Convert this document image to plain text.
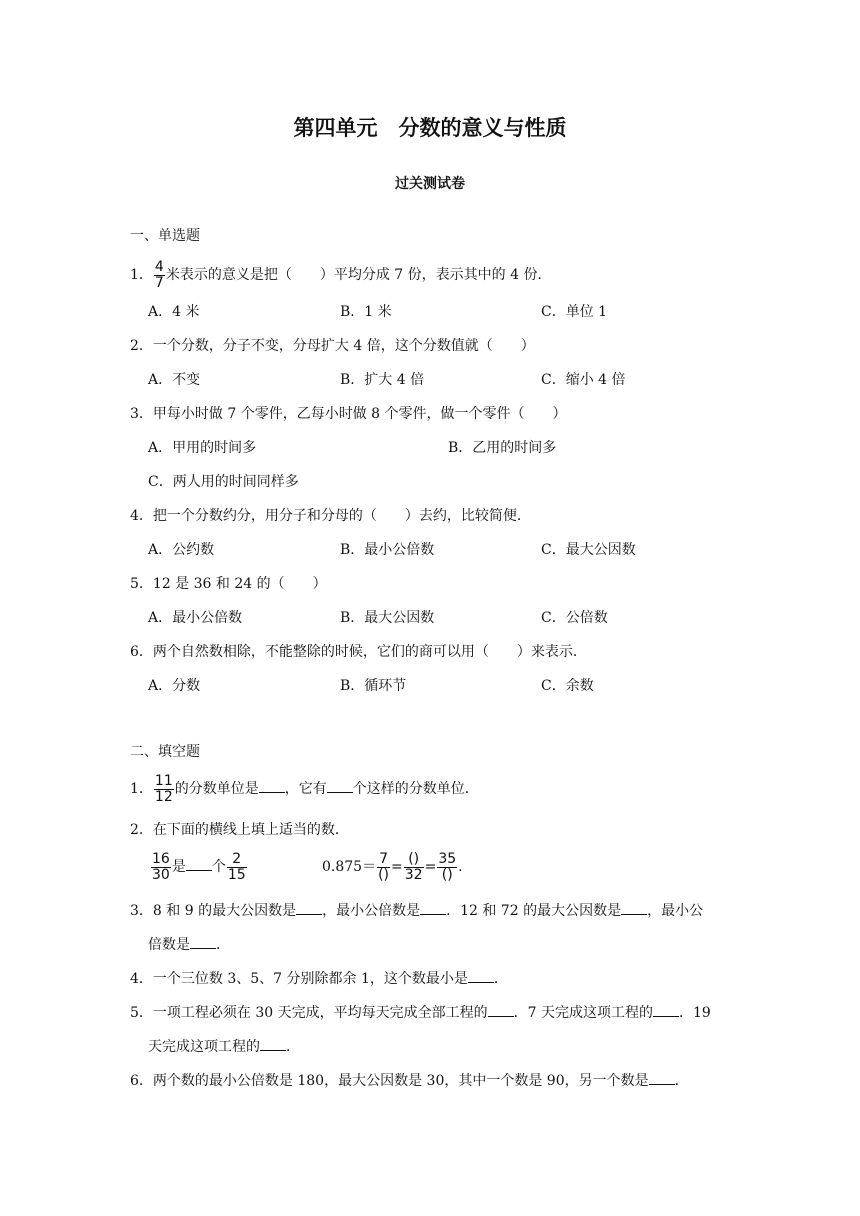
第四单元　分数的意义与性质
过关测试卷
一、单选题
1． $\frac{4}{7}$ 米表示的意义是把（　　）平均分成 7 份，表示其中的 4 份．
A．4 米	B．1 米	C．单位 1
2．一个分数，分子不变，分母扩大 4 倍，这个分数值就（　　）
A．不变	B．扩大 4 倍	C．缩小 4 倍
3．甲每小时做 7 个零件，乙每小时做 8 个零件，做一个零件（　　）
A．甲用的时间多	B．乙用的时间多
C．两人用的时间同样多
4．把一个分数约分，用分子和分母的（　　）去约，比较简便．
A．公约数	B．最小公倍数	C．最大公因数
5．12 是 36 和 24 的（　　）
A．最小公倍数	B．最大公因数	C．公倍数
6．两个自然数相除，不能整除的时候，它们的商可以用（　　）来表示．
A．分数	B．循环节	C．余数
二、填空题
1． $\frac{11}{12}$ 的分数单位是 ，它有 个这样的分数单位．
2．在下面的横线上填上适当的数．
$\frac{16}{30}$ 是 个 $\frac{2}{15}$	$0.875= \frac{7}{()} = \frac{()}{32} = \frac{35}{()}$ .
3．8 和 9 的最大公因数是 ，最小公倍数是 ．12 和 72 的最大公因数是 ，最小公
倍数是 ．
4．一个三位数 3、5、7 分别除都余 1，这个数最小是 ．
5．一项工程必须在 30 天完成，平均每天完成全部工程的 ．7 天完成这项工程的 ．19
天完成这项工程的 ．
6．两个数的最小公倍数是 180，最大公因数是 30，其中一个数是 90，另一个数是 ．
